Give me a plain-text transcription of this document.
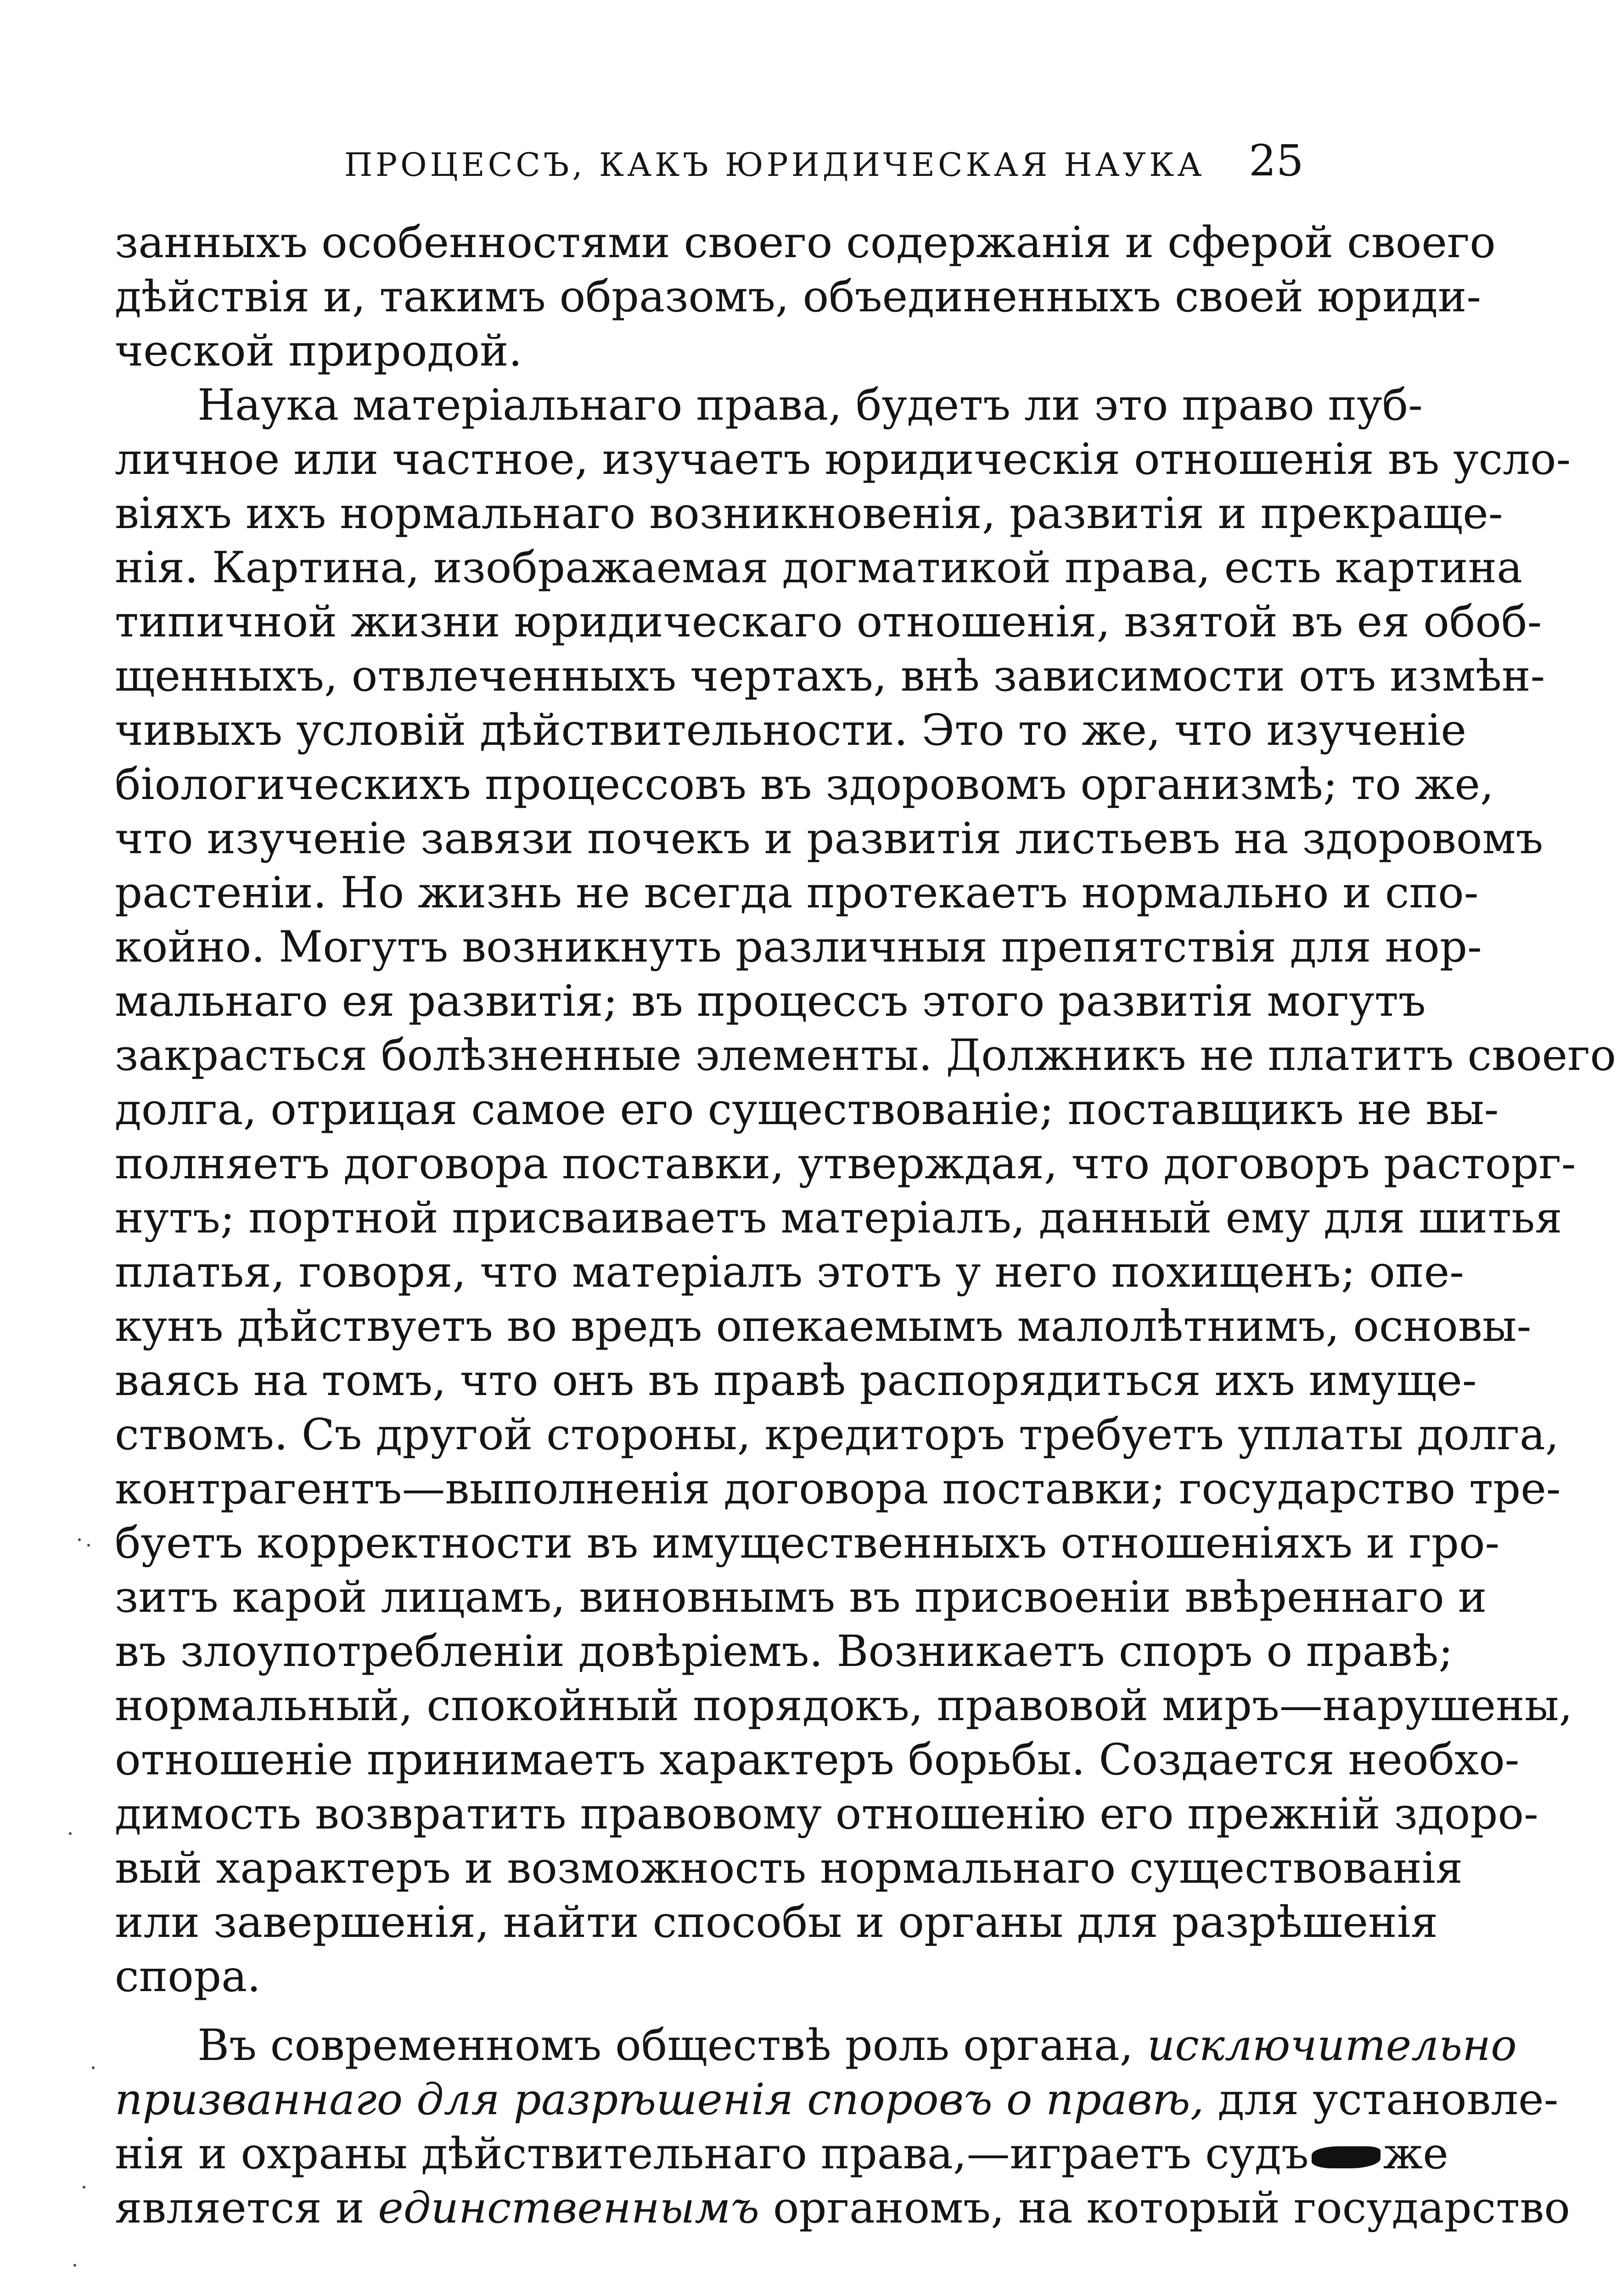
ПРОЦЕССЪ, КАКЪ ЮРИДИЧЕСКАЯ НАУКА 25
занныхъ особенностями своего содержанія и сферой своего
дѣйствія и, такимъ образомъ, объединенныхъ своей юриди-
ческой природой.
Наука матеріальнаго права, будетъ ли это право пуб-
личное или частное, изучаетъ юридическія отношенія въ усло-
віяхъ ихъ нормальнаго возникновенія, развитія и прекраще-
нія. Картина, изображаемая догматикой права, есть картина
типичной жизни юридическаго отношенія, взятой въ ея обоб-
щенныхъ, отвлеченныхъ чертахъ, внѣ зависимости отъ измѣн-
чивыхъ условій дѣйствительности. Это то же, что изученіе
біологическихъ процессовъ въ здоровомъ организмѣ; то же,
что изученіе завязи почекъ и развитія листьевъ на здоровомъ
растеніи. Но жизнь не всегда протекаетъ нормально и спо-
койно. Могутъ возникнуть различныя препятствія для нор-
мальнаго ея развитія; въ процессъ этого развитія могутъ
закрасться болѣзненные элементы. Должникъ не платитъ своего
долга, отрицая самое его существованіе; поставщикъ не вы-
полняетъ договора поставки, утверждая, что договоръ расторг-
нутъ; портной присваиваетъ матеріалъ, данный ему для шитья
платья, говоря, что матеріалъ этотъ у него похищенъ; опе-
кунъ дѣйствуетъ во вредъ опекаемымъ малолѣтнимъ, основы-
ваясь на томъ, что онъ въ правѣ распорядиться ихъ имуще-
ствомъ. Съ другой стороны, кредиторъ требуетъ уплаты долга,
контрагентъ—выполненія договора поставки; государство тре-
буетъ корректности въ имущественныхъ отношеніяхъ и гро-
зитъ карой лицамъ, виновнымъ въ присвоеніи ввѣреннаго и
въ злоупотребленіи довѣріемъ. Возникаетъ споръ о правѣ;
нормальный, спокойный порядокъ, правовой миръ—нарушены,
отношеніе принимаетъ характеръ борьбы. Создается необхо-
димость возвратить правовому отношенію его прежній здоро-
вый характеръ и возможность нормальнаго существованія
или завершенія, найти способы и органы для разрѣшенія
спора.
Въ современномъ обществѣ роль органа, исключительно
призваннаго для разрѣшенія споровъ о правѣ, для установле-
нія и охраны дѣйствительнаго права,—играетъ судъ же
является и единственнымъ органомъ, на который государство
